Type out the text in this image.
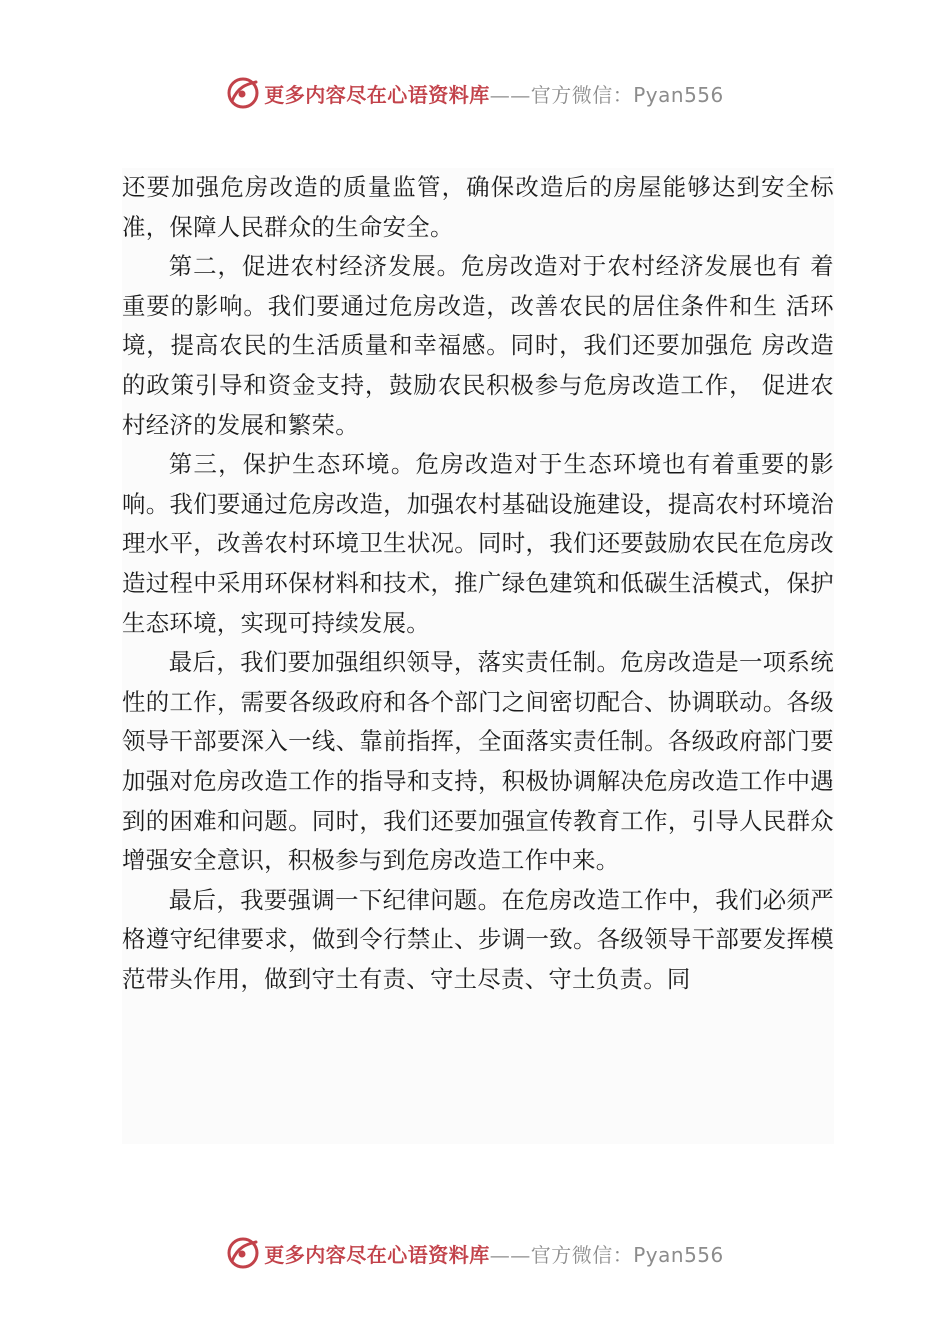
更多内容尽在心语资料库——官方微信：Pyan556

还要加强危房改造的质量监管，确保改造后的房屋能够达到安全标准，保障人民群众的生命安全。

第二，促进农村经济发展。危房改造对于农村经济发展也有 着重要的影响。我们要通过危房改造，改善农民的居住条件和生 活环境，提高农民的生活质量和幸福感。同时，我们还要加强危 房改造的政策引导和资金支持，鼓励农民积极参与危房改造工作， 促进农村经济的发展和繁荣。

第三，保护生态环境。危房改造对于生态环境也有着重要的影响。我们要通过危房改造，加强农村基础设施建设，提高农村环境治理水平，改善农村环境卫生状况。同时，我们还要鼓励农民在危房改造过程中采用环保材料和技术，推广绿色建筑和低碳生活模式，保护生态环境，实现可持续发展。

最后，我们要加强组织领导，落实责任制。危房改造是一项系统性的工作，需要各级政府和各个部门之间密切配合、协调联动。各级领导干部要深入一线、靠前指挥，全面落实责任制。各级政府部门要加强对危房改造工作的指导和支持，积极协调解决危房改造工作中遇到的困难和问题。同时，我们还要加强宣传教育工作，引导人民群众增强安全意识，积极参与到危房改造工作中来。

最后，我要强调一下纪律问题。在危房改造工作中，我们必须严格遵守纪律要求，做到令行禁止、步调一致。各级领导干部要发挥模范带头作用，做到守土有责、守土尽责、守土负责。同

更多内容尽在心语资料库——官方微信：Pyan556
